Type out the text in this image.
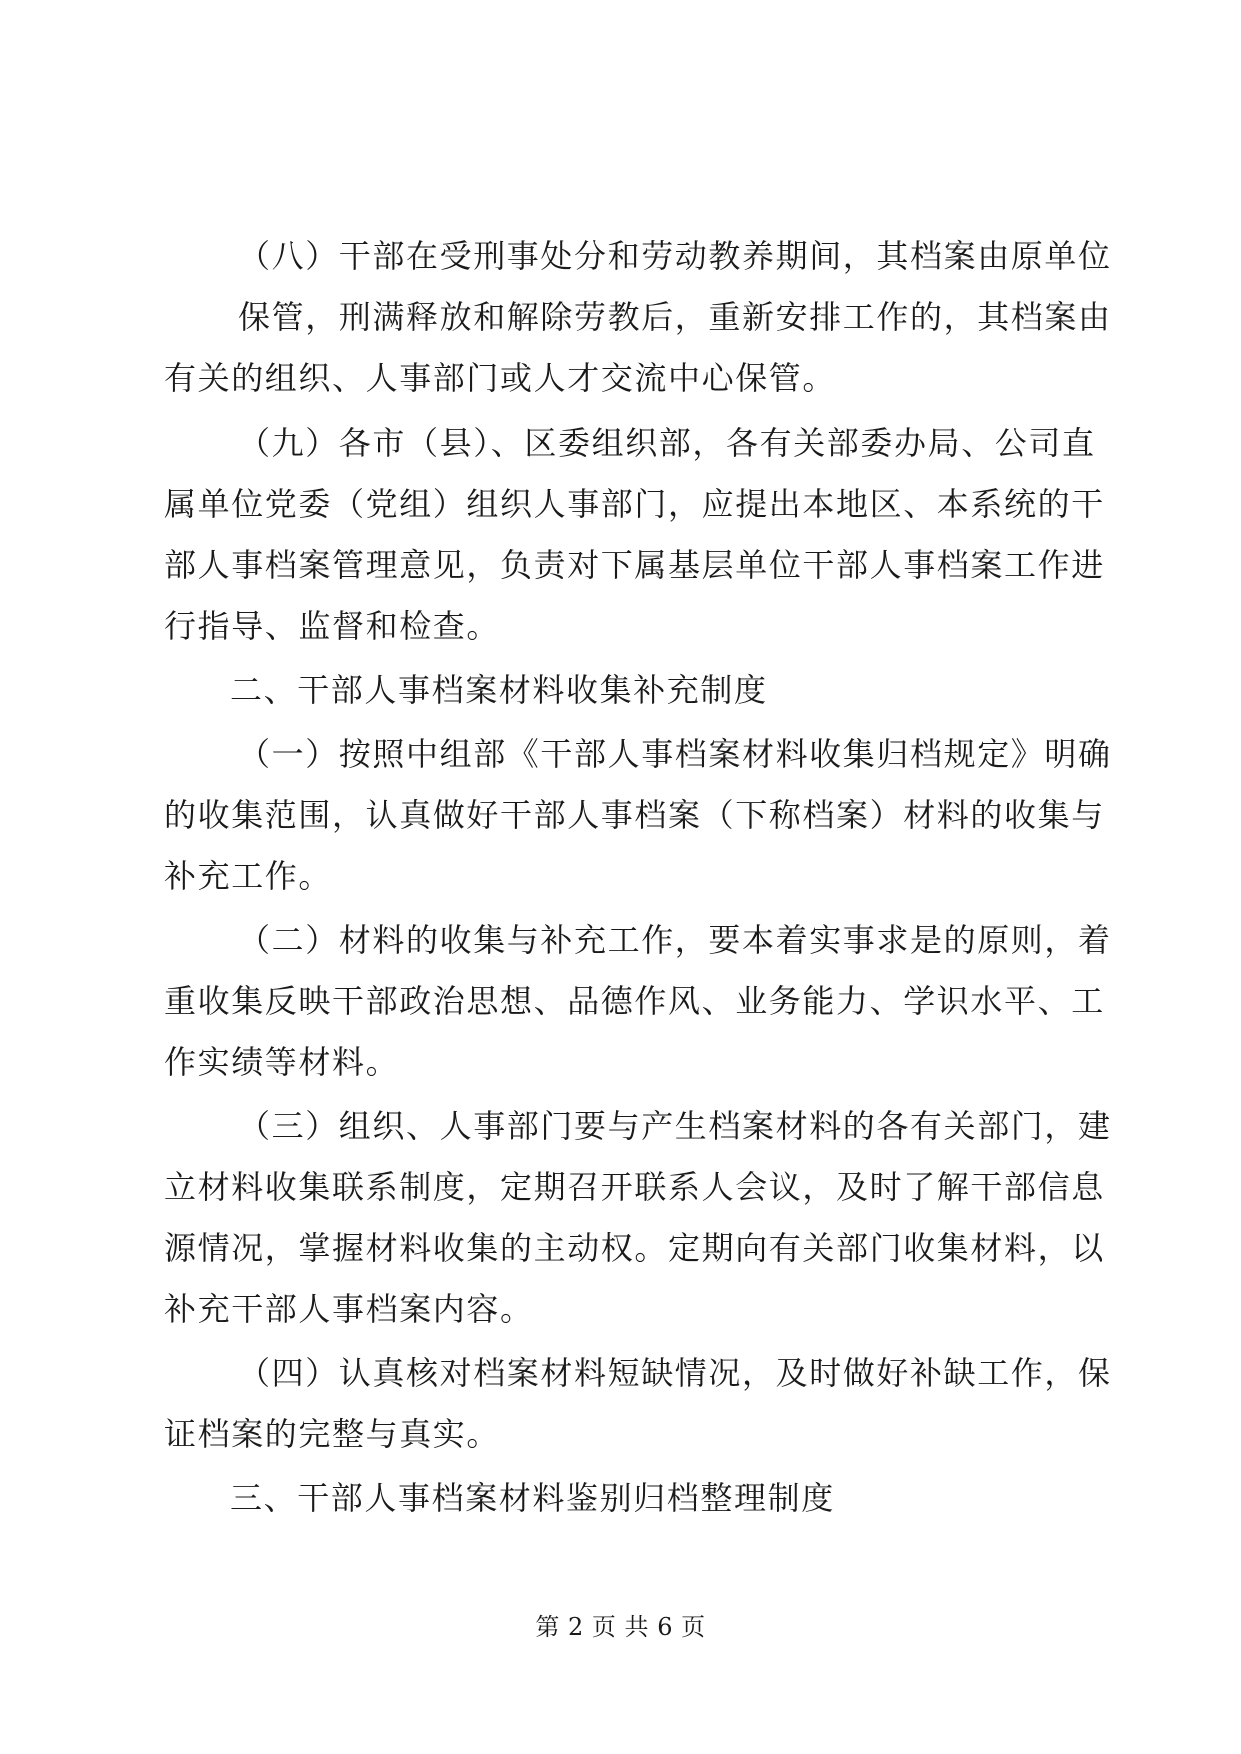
（八）干部在受刑事处分和劳动教养期间，其档案由原单位
保管，刑满释放和解除劳教后，重新安排工作的，其档案由
有关的组织、人事部门或人才交流中心保管。
（九）各市（县）、区委组织部，各有关部委办局、公司直
属单位党委（党组）组织人事部门，应提出本地区、本系统的干
部人事档案管理意见，负责对下属基层单位干部人事档案工作进
行指导、监督和检查。
二、干部人事档案材料收集补充制度
（一）按照中组部《干部人事档案材料收集归档规定》明确
的收集范围，认真做好干部人事档案（下称档案）材料的收集与
补充工作。
（二）材料的收集与补充工作，要本着实事求是的原则，着
重收集反映干部政治思想、品德作风、业务能力、学识水平、工
作实绩等材料。
（三）组织、人事部门要与产生档案材料的各有关部门，建
立材料收集联系制度，定期召开联系人会议，及时了解干部信息
源情况，掌握材料收集的主动权。定期向有关部门收集材料，以
补充干部人事档案内容。
（四）认真核对档案材料短缺情况，及时做好补缺工作，保
证档案的完整与真实。
三、干部人事档案材料鉴别归档整理制度
第 2 页 共 6 页
